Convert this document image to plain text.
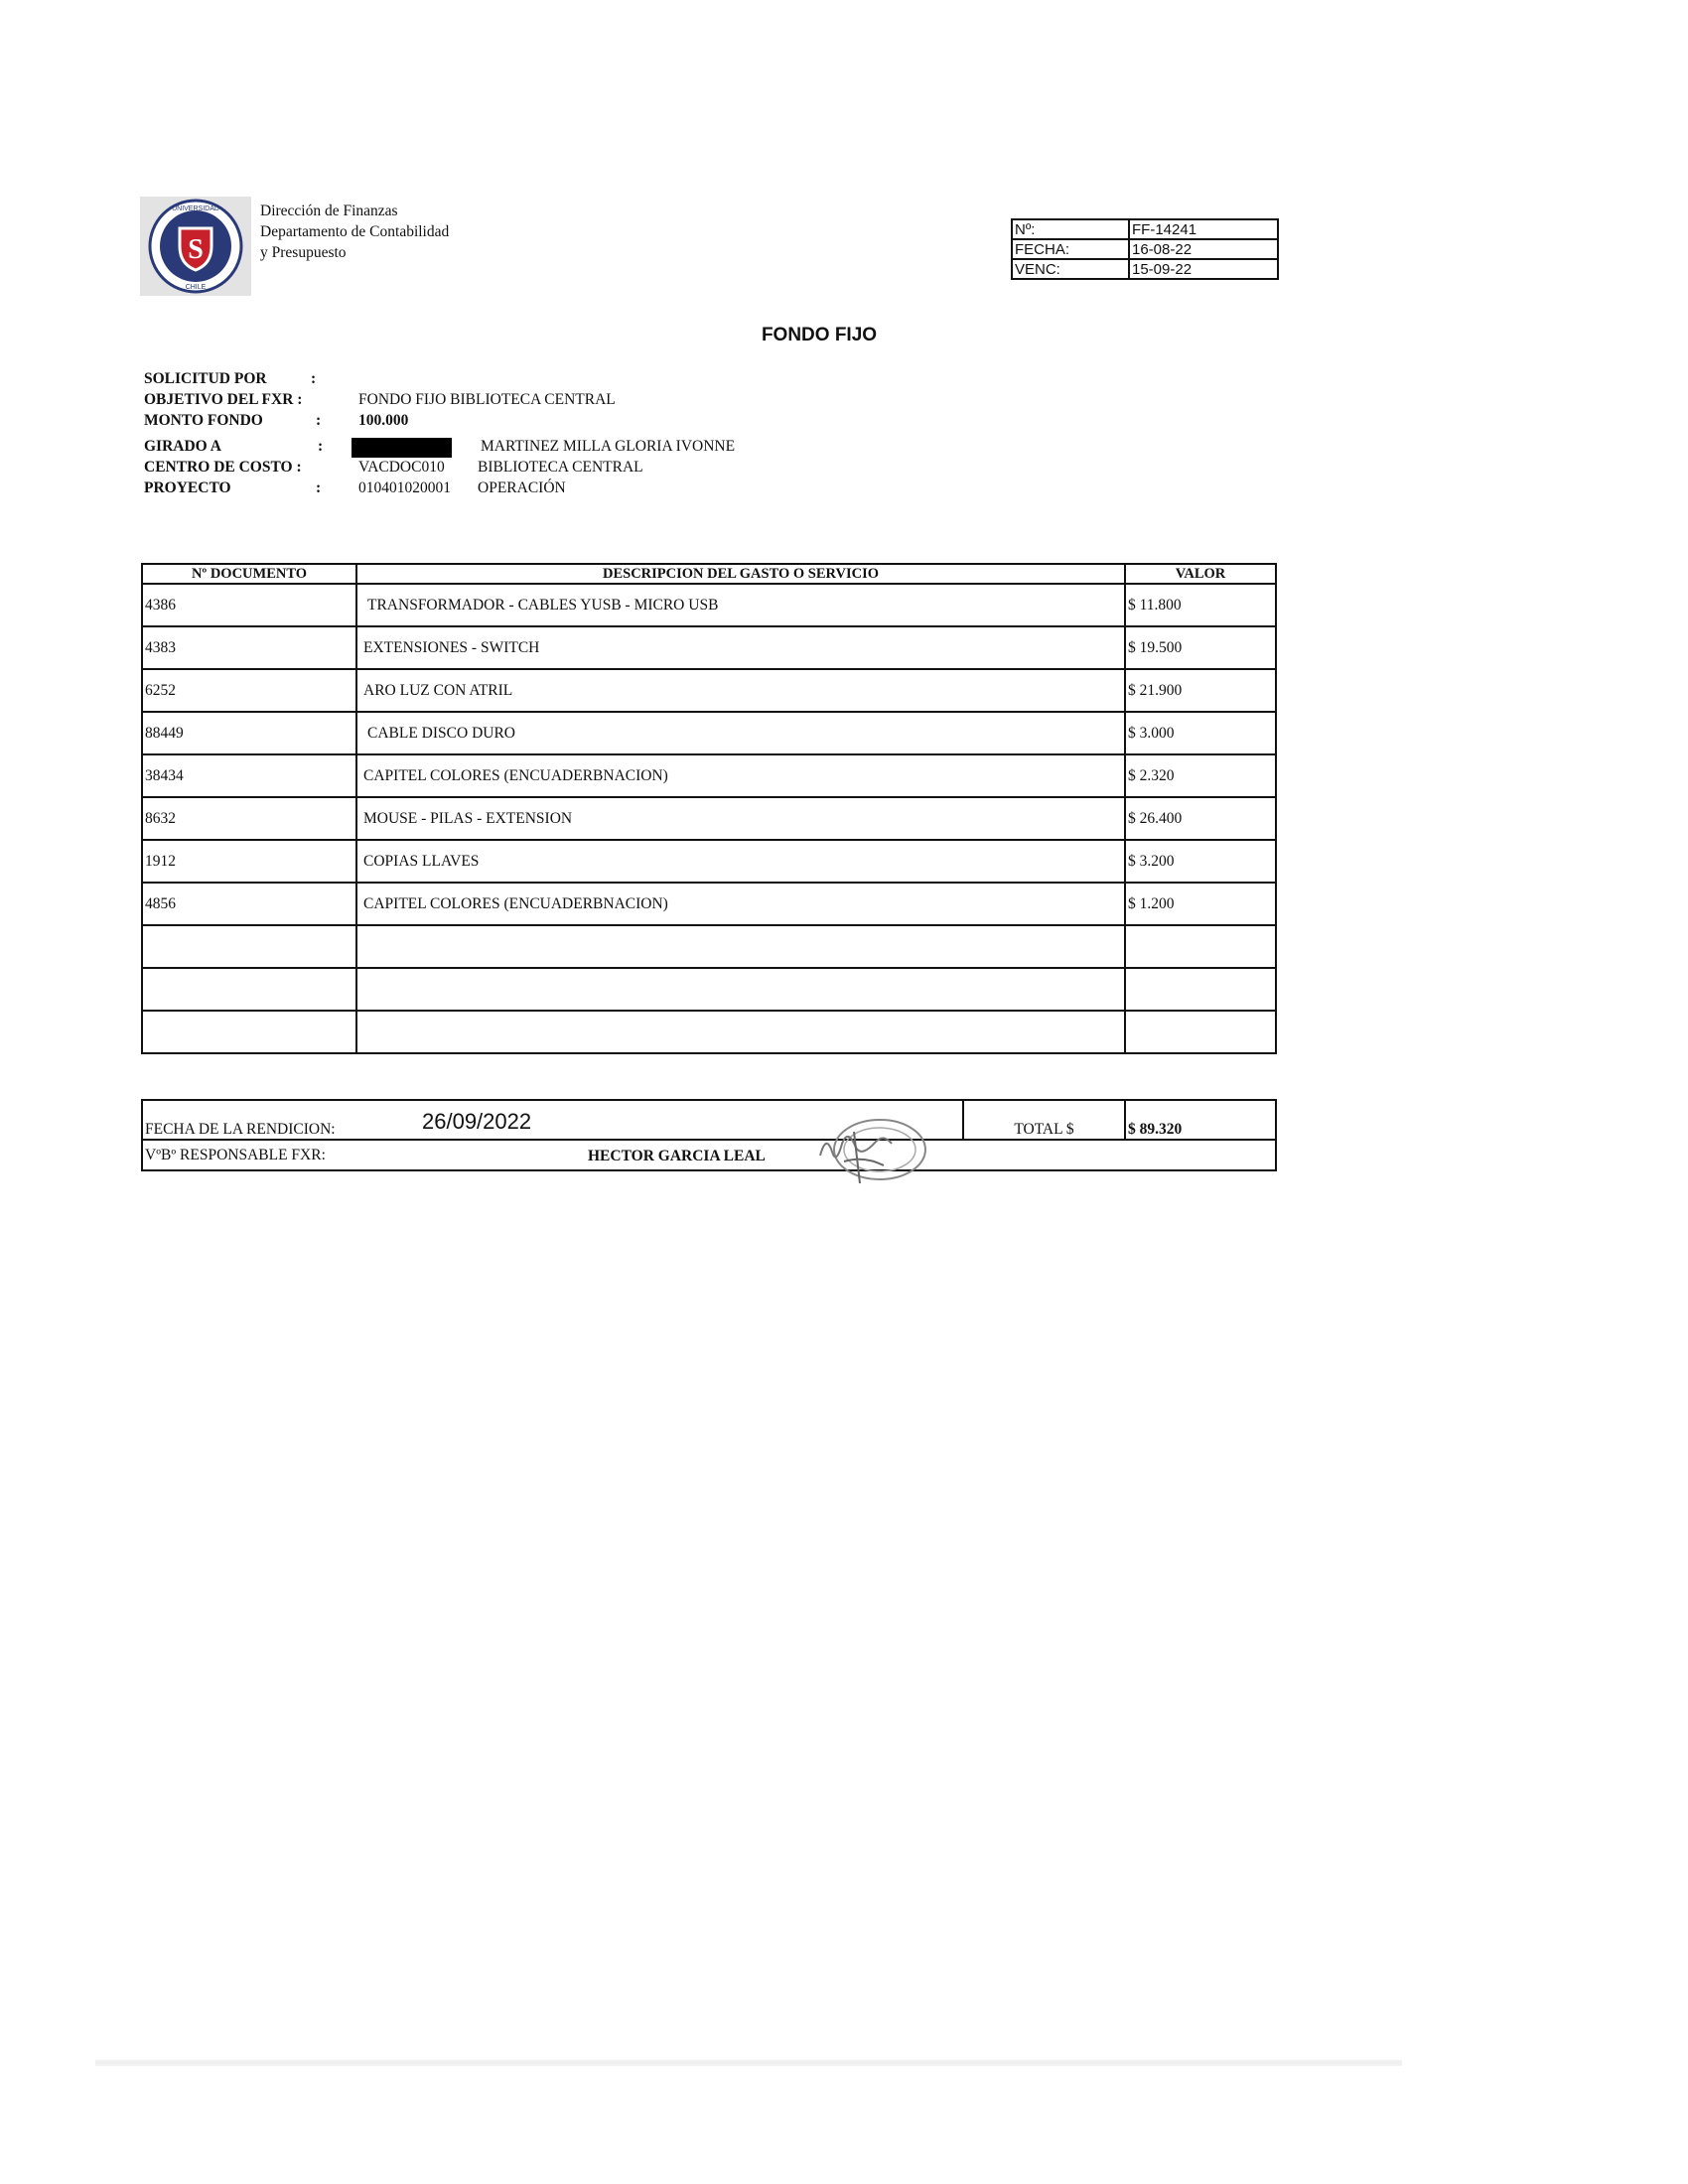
S
UNIVERSIDAD
CHILE
Dirección de Finanzas
Departamento de Contabilidad
y Presupuesto
Nº:	FF-14241
FECHA:	16-08-22
VENC:	15-09-22
FONDO FIJO
SOLICITUD POR	:
OBJETIVO DEL FXR :	FONDO FIJO BIBLIOTECA CENTRAL
MONTO FONDO	: 100.000
GIRADO A	:	MARTINEZ MILLA GLORIA IVONNE
CENTRO DE COSTO :	VACDOC010 BIBLIOTECA CENTRAL
PROYECTO	: 010401020001 OPERACIÓN
Nº DOCUMENTO	DESCRIPCION DEL GASTO O SERVICIO	VALOR
4386	TRANSFORMADOR - CABLES YUSB - MICRO USB	$ 11.800
4383	EXTENSIONES - SWITCH	$ 19.500
6252	ARO LUZ CON ATRIL	$ 21.900
88449	CABLE DISCO DURO	$ 3.000
38434	CAPITEL COLORES (ENCUADERBNACION)	$ 2.320
8632	MOUSE - PILAS - EXTENSION	$ 26.400
1912	COPIAS LLAVES	$ 3.200
4856	CAPITEL COLORES (ENCUADERBNACION)	$ 1.200

FECHA DE LA RENDICION:	26/09/2022	TOTAL $	$ 89.320
VºBº RESPONSABLE FXR:	HECTOR GARCIA LEAL
